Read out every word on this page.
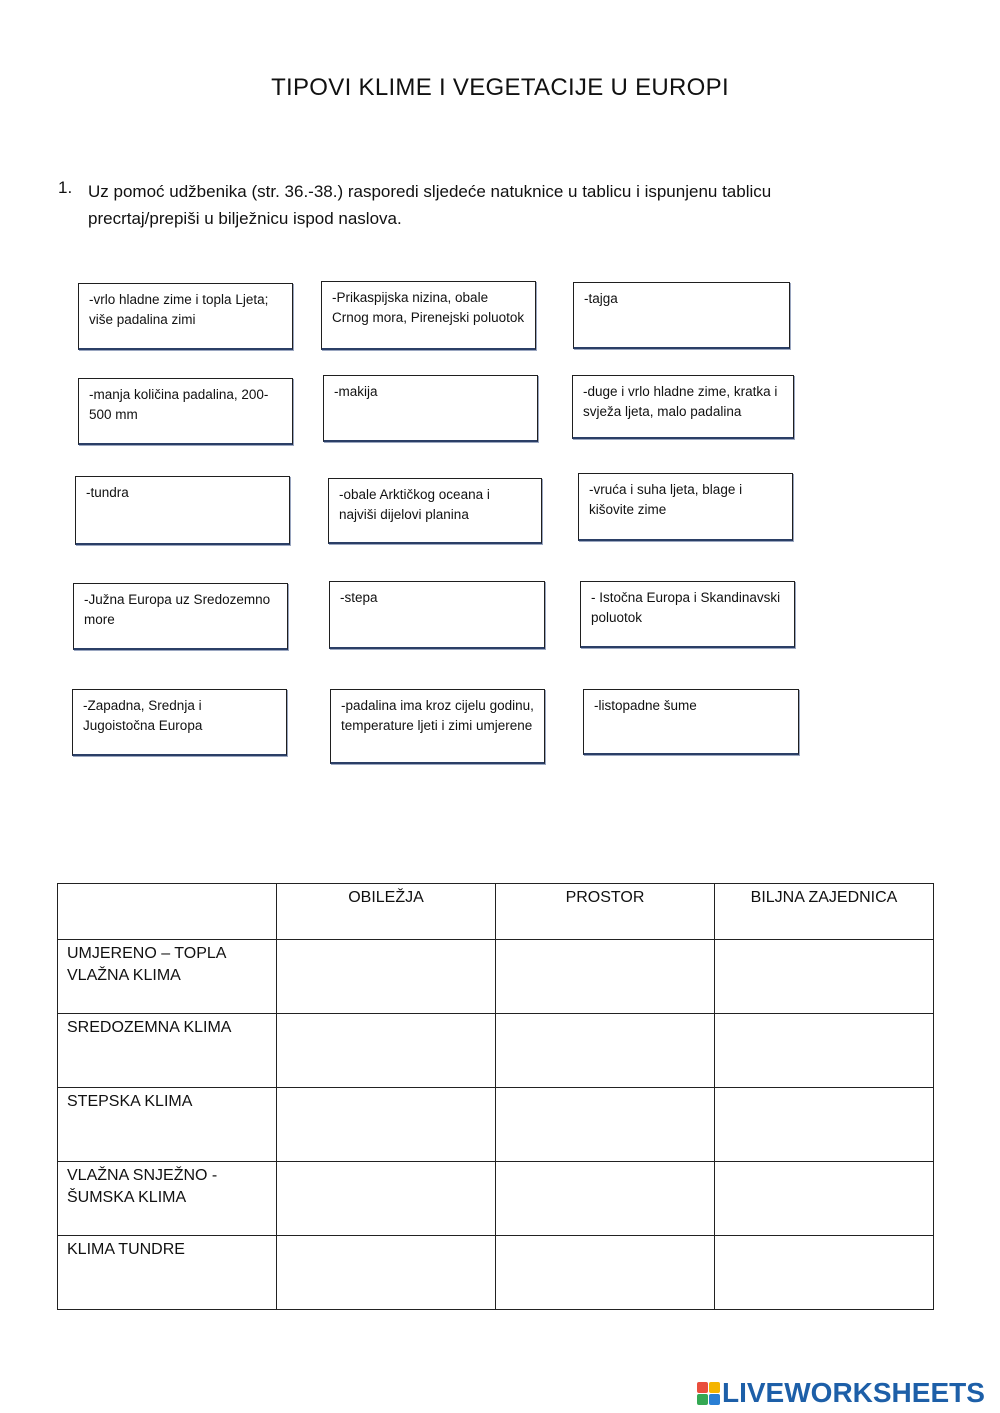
TIPOVI KLIME I VEGETACIJE U EUROPI
1. Uz pomoć udžbenika (str. 36.-38.) rasporedi sljedeće natuknice u tablicu i ispunjenu tablicu precrtaj/prepiši u bilježnicu ispod naslova.
-vrlo hladne zime i topla Ljeta; više padalina zimi
-Prikaspijska nizina, obale Crnog mora, Pirenejski poluotok
-tajga
-manja količina padalina, 200-500 mm
-makija	-duge i vrlo hladne zime, kratka i svježa ljeta, malo padalina
-tundra	-obale Arktičkog oceana i najviši dijelovi planina
-vruća i suha ljeta, blage i kišovite zime
-Južna Europa uz Sredozemno more
-stepa	- Istočna Europa i Skandinavski poluotok
-Zapadna, Srednja i Jugoistočna Europa
-padalina ima kroz cijelu godinu, temperature ljeti i zimi umjerene
-listopadne šume
	OBILEŽJA	PROSTOR	BILJNA ZAJEDNICA
UMJERENO – TOPLA VLAŽNA KLIMA			
SREDOZEMNA KLIMA			
STEPSKA KLIMA			
VLAŽNA SNJEŽNO - ŠUMSKA KLIMA			
KLIMA TUNDRE			
LIVEWORKSHEETS
